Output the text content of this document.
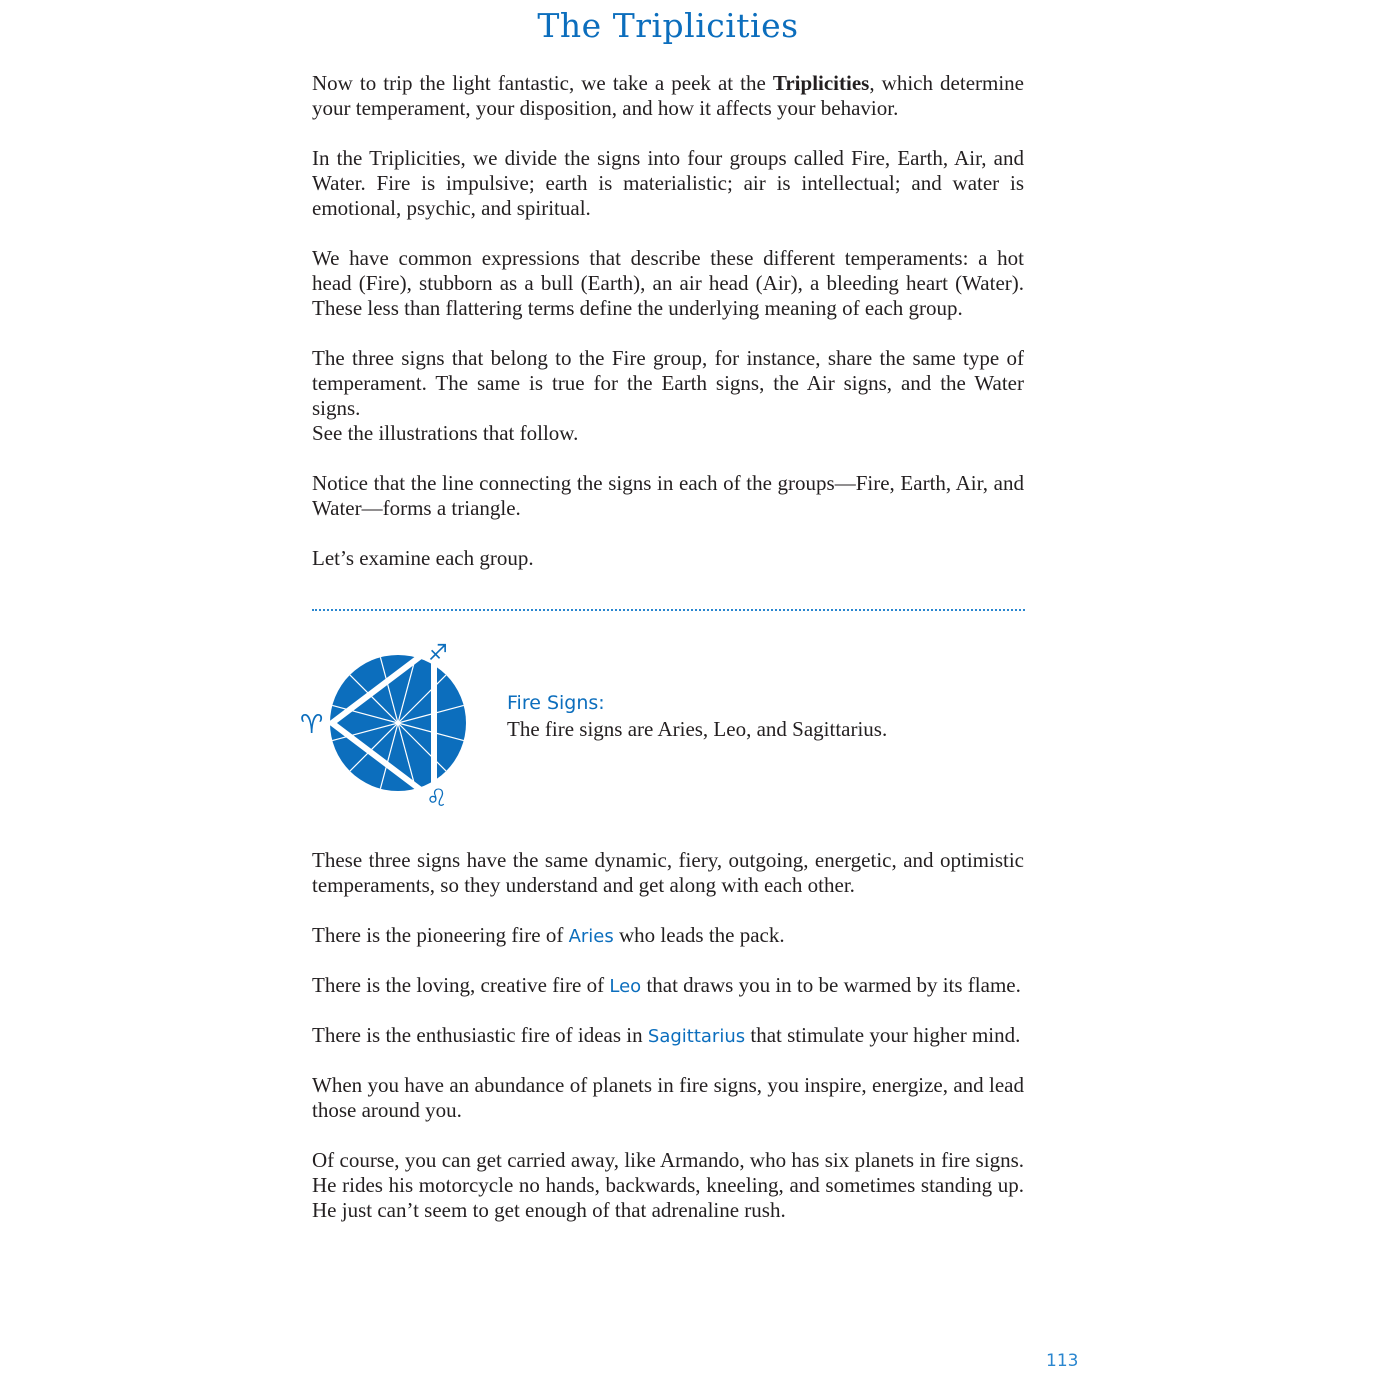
The Triplicities

Now to trip the light fantastic, we take a peek at the Triplicities, which determine your temperament, your disposition, and how it affects your behavior.

In the Triplicities, we divide the signs into four groups called Fire, Earth, Air, and Water. Fire is impulsive; earth is materialistic; air is intellectual; and water is emotional, psychic, and spiritual.

We have common expressions that describe these different temperaments: a hot head (Fire), stubborn as a bull (Earth), an air head (Air), a bleeding heart (Water). These less than flattering terms define the underlying meaning of each group.

The three signs that belong to the Fire group, for instance, share the same type of temperament. The same is true for the Earth signs, the Air signs, and the Water signs.

See the illustrations that follow.

Notice that the line connecting the signs in each of the groups—Fire, Earth, Air, and Water—forms a triangle.

Let’s examine each group.

♈
♐
♌
Fire Signs:
The fire signs are Aries, Leo, and Sagittarius.

These three signs have the same dynamic, fiery, outgoing, energetic, and optimistic temperaments, so they understand and get along with each other.

There is the pioneering fire of Aries who leads the pack.

There is the loving, creative fire of Leo that draws you in to be warmed by its flame.

There is the enthusiastic fire of ideas in Sagittarius that stimulate your higher mind.

When you have an abundance of planets in fire signs, you inspire, energize, and lead those around you.

Of course, you can get carried away, like Armando, who has six planets in fire signs. He rides his motorcycle no hands, backwards, kneeling, and sometimes standing up. He just can’t seem to get enough of that adrenaline rush.

113
